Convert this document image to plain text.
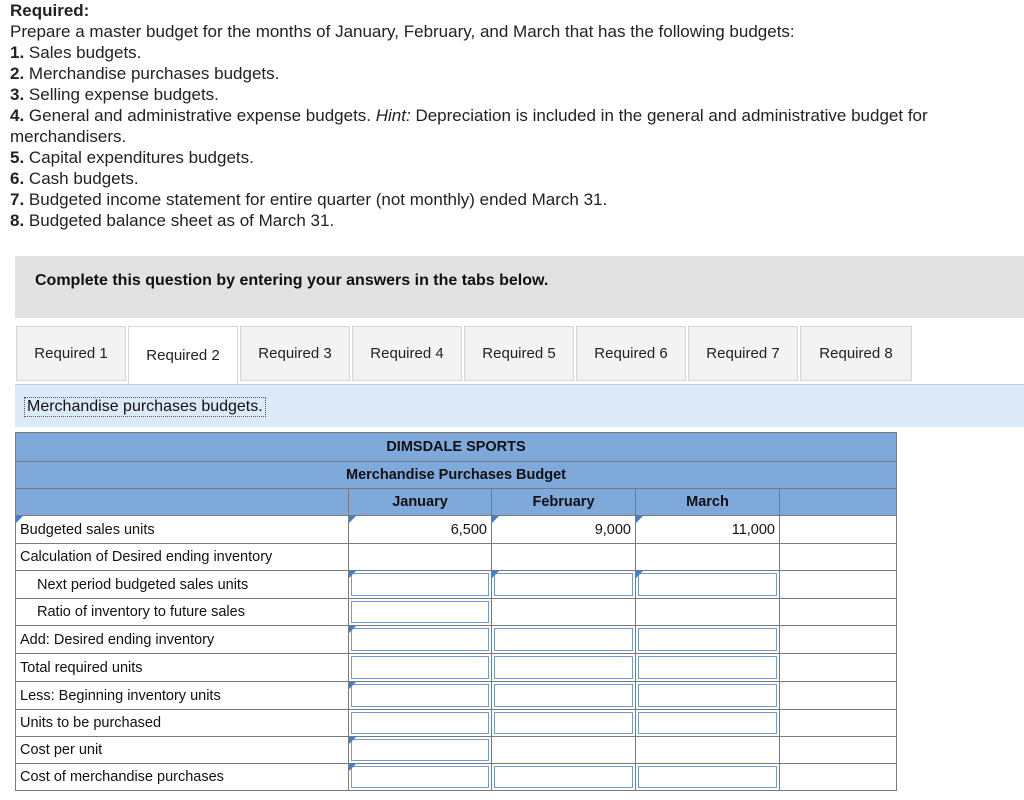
Required:
Prepare a master budget for the months of January, February, and March that has the following budgets:
1. Sales budgets.
2. Merchandise purchases budgets.
3. Selling expense budgets.
4. General and administrative expense budgets. Hint: Depreciation is included in the general and administrative budget for merchandisers.
5. Capital expenditures budgets.
6. Cash budgets.
7. Budgeted income statement for entire quarter (not monthly) ended March 31.
8. Budgeted balance sheet as of March 31.
Complete this question by entering your answers in the tabs below.
Required 1	Required 2	Required 3	Required 4	Required 5	Required 6	Required 7	Required 8
Merchandise purchases budgets.
DIMSDALE SPORTS				
Merchandise Purchases Budget				
	January	February	March	
Budgeted sales units	6,500	9,000	11,000	

Calculation of Desired ending inventory				
Next period budgeted sales units	

Ratio of inventory to future sales	

Add: Desired ending inventory	

Total required units	

Less: Beginning inventory units	

Units to be purchased	

Cost per unit	

Cost of merchandise purchases	
